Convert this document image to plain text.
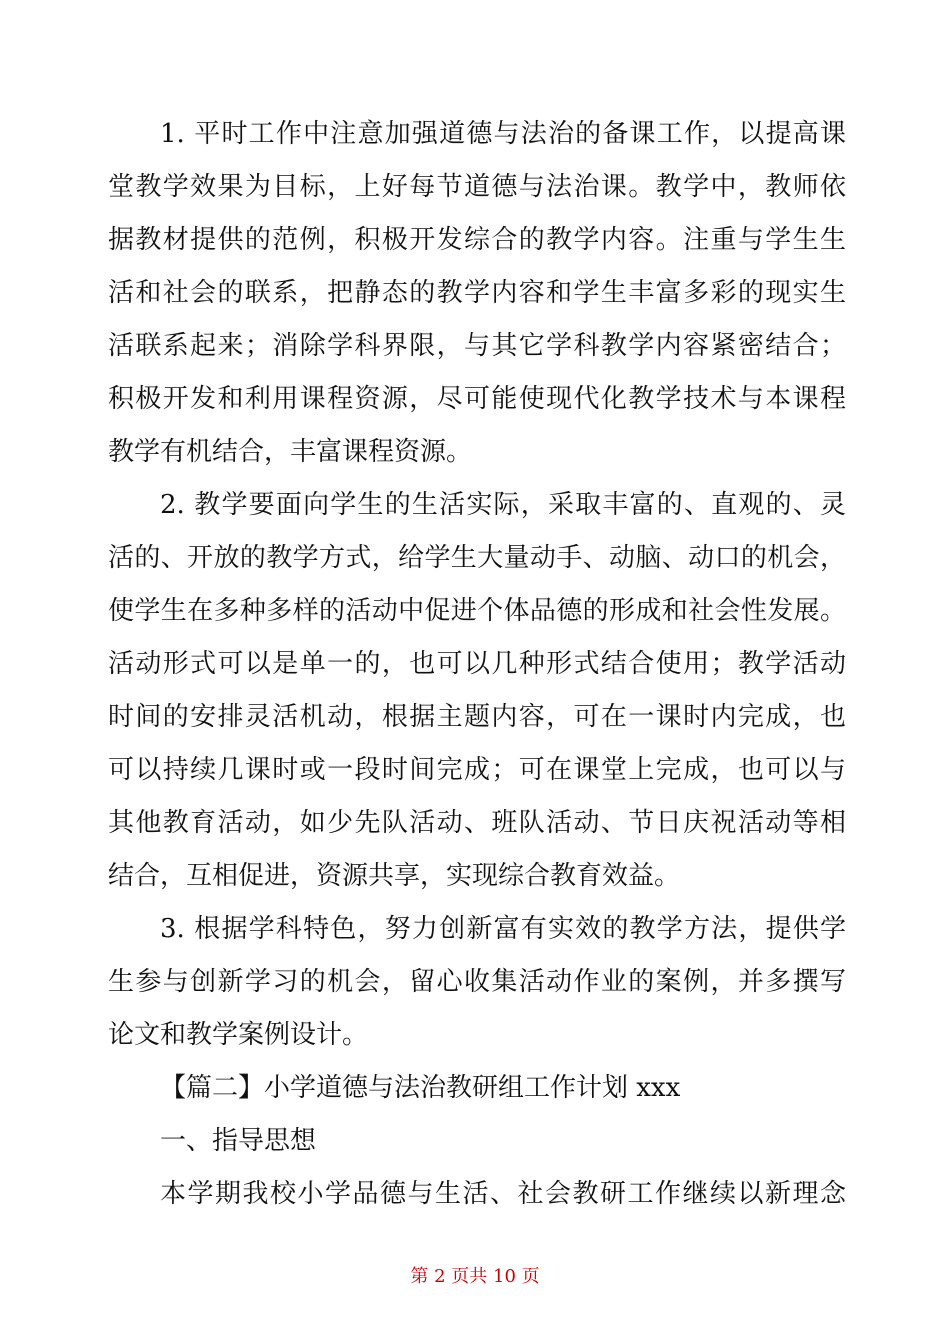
1. 平时工作中注意加强道德与法治的备课工作，以提高课
堂教学效果为目标，上好每节道德与法治课。教学中，教师依
据教材提供的范例，积极开发综合的教学内容。注重与学生生
活和社会的联系，把静态的教学内容和学生丰富多彩的现实生
活联系起来；消除学科界限，与其它学科教学内容紧密结合；
积极开发和利用课程资源，尽可能使现代化教学技术与本课程
教学有机结合，丰富课程资源。
2. 教学要面向学生的生活实际，采取丰富的、直观的、灵
活的、开放的教学方式，给学生大量动手、动脑、动口的机会，
使学生在多种多样的活动中促进个体品德的形成和社会性发展。
活动形式可以是单一的，也可以几种形式结合使用；教学活动
时间的安排灵活机动，根据主题内容，可在一课时内完成，也
可以持续几课时或一段时间完成；可在课堂上完成，也可以与
其他教育活动，如少先队活动、班队活动、节日庆祝活动等相
结合，互相促进，资源共享，实现综合教育效益。
3. 根据学科特色，努力创新富有实效的教学方法，提供学
生参与创新学习的机会，留心收集活动作业的案例，并多撰写
论文和教学案例设计。
【篇二】小学道德与法治教研组工作计划 xxx
一、指导思想
本学期我校小学品德与生活、社会教研工作继续以新理念
第 2 页共 10 页
